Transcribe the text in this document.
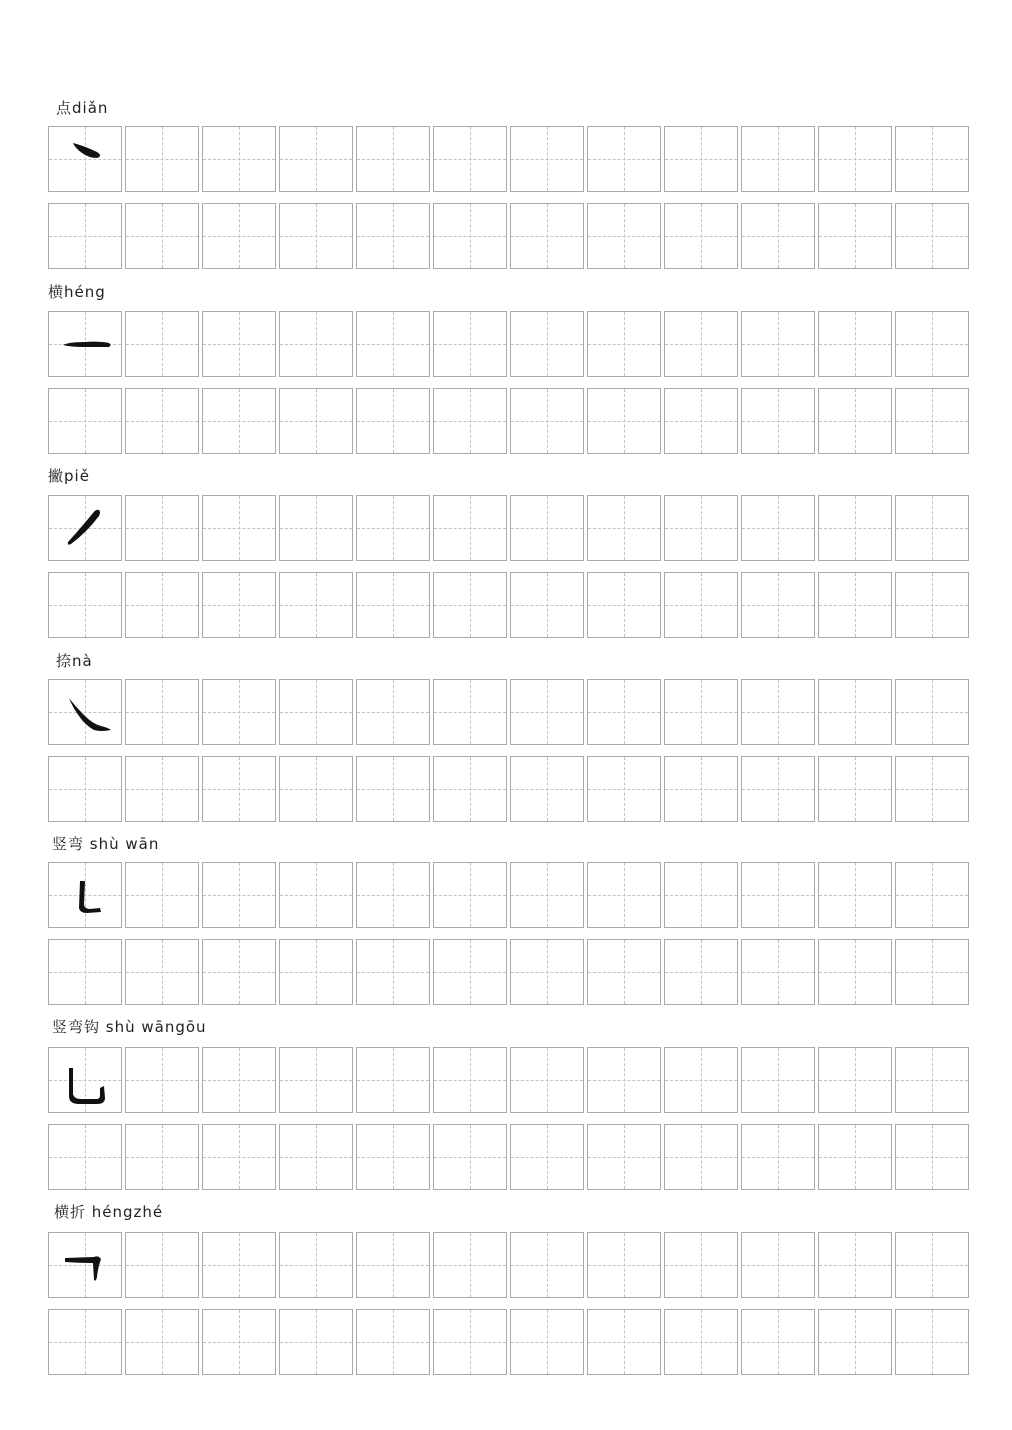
点diǎn
横héng
撇piě
捺nà
竖弯 shù wān
竖弯钩 shù wāngōu
横折 héngzhé
